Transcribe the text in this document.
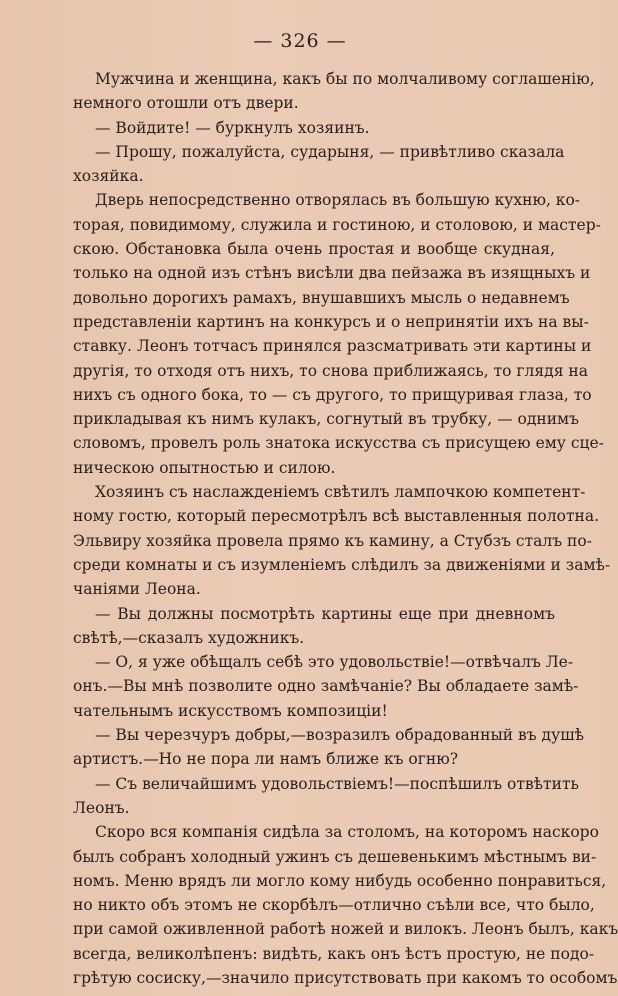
— 326 —
Мужчина и женщина, какъ бы по молчаливому соглашенію,
немного отошли отъ двери.
— Войдите! — буркнулъ хозяинъ.
— Прошу, пожалуйста, сударыня, — привѣтливо сказала
хозяйка.
Дверь непосредственно отворялась въ большую кухню, ко-
торая, повидимому, служила и гостиною, и столовою, и мастер-
скою. Обстановка была очень простая и вообще скудная,
только на одной изъ стѣнъ висѣли два пейзажа въ изящныхъ и
довольно дорогихъ рамахъ, внушавшихъ мысль о недавнемъ
представленіи картинъ на конкурсъ и о непринятіи ихъ на вы-
ставку. Леонъ тотчасъ принялся разсматривать эти картины и
другія, то отходя отъ нихъ, то снова приближаясь, то глядя на
нихъ съ одного бока, то — съ другого, то прищуривая глаза, то
прикладывая къ нимъ кулакъ, согнутый въ трубку, — однимъ
словомъ, провелъ роль знатока искусства съ присущею ему сце-
ническою опытностью и силою.
Хозяинъ съ наслажденіемъ свѣтилъ лампочкою компетент-
ному гостю, который пересмотрѣлъ всѣ выставленныя полотна.
Эльвиру хозяйка провела прямо къ камину, а Стубзъ сталъ по-
среди комнаты и съ изумленіемъ слѣдилъ за движеніями и замѣ-
чаніями Леона.
— Вы должны посмотрѣть картины еще при дневномъ
свѣтѣ,—сказалъ художникъ.
— О, я уже обѣщалъ себѣ это удовольствіе!—отвѣчалъ Ле-
онъ.—Вы мнѣ позволите одно замѣчаніе? Вы обладаете замѣ-
чательнымъ искусствомъ композиціи!
— Вы черезчуръ добры,—возразилъ обрадованный въ душѣ
артистъ.—Но не пора ли намъ ближе къ огню?
— Съ величайшимъ удовольствіемъ!—поспѣшилъ отвѣтить
Леонъ.
Скоро вся компанія сидѣла за столомъ, на которомъ наскоро
былъ собранъ холодный ужинъ съ дешевенькимъ мѣстнымъ ви-
номъ. Меню врядъ ли могло кому нибудь особенно понравиться,
но никто объ этомъ не скорбѣлъ—отлично съѣли все, что было,
при самой оживленной работѣ ножей и вилокъ. Леонъ былъ, какъ
всегда, великолѣпенъ: видѣть, какъ онъ ѣстъ простую, не подо-
грѣтую сосиску,—значило присутствовать при какомъ то особомъ
